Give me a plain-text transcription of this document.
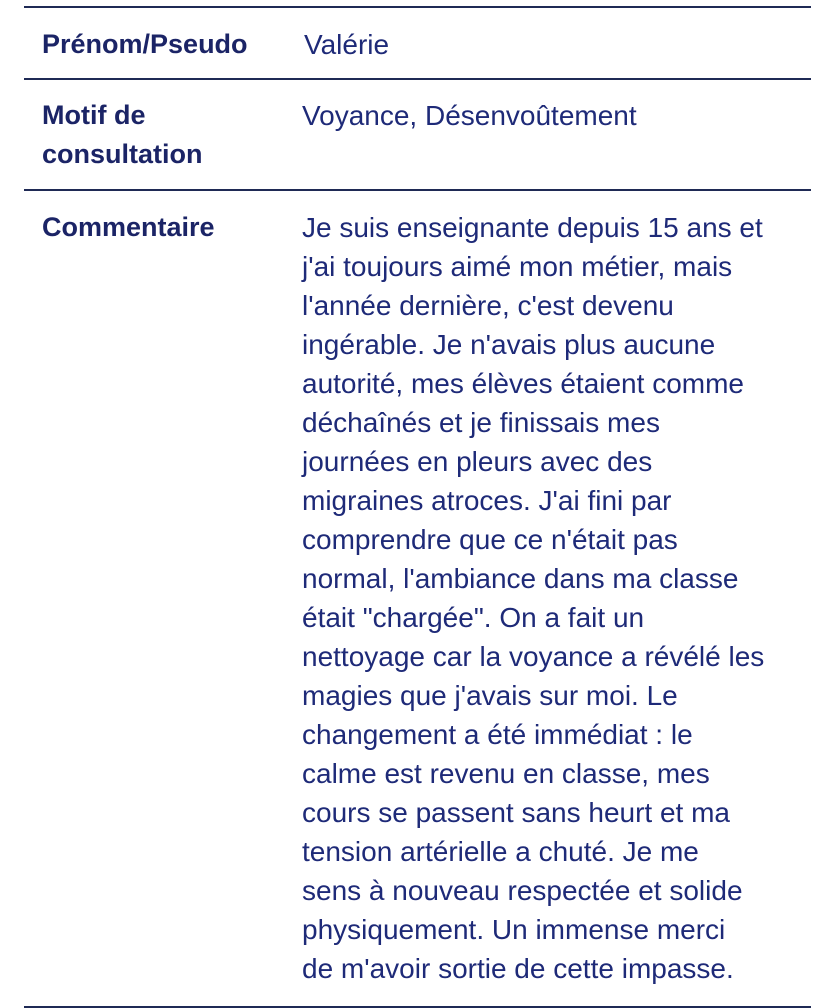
Prénom/Pseudo	Valérie
Motif de
consultation
Voyance, Désenvoûtement
Commentaire	Je suis enseignante depuis 15 ans et
j'ai toujours aimé mon métier, mais
l'année dernière, c'est devenu
ingérable. Je n'avais plus aucune
autorité, mes élèves étaient comme
déchaînés et je finissais mes
journées en pleurs avec des
migraines atroces. J'ai fini par
comprendre que ce n'était pas
normal, l'ambiance dans ma classe
était "chargée". On a fait un
nettoyage car la voyance a révélé les
magies que j'avais sur moi. Le
changement a été immédiat : le
calme est revenu en classe, mes
cours se passent sans heurt et ma
tension artérielle a chuté. Je me
sens à nouveau respectée et solide
physiquement. Un immense merci
de m'avoir sortie de cette impasse.
